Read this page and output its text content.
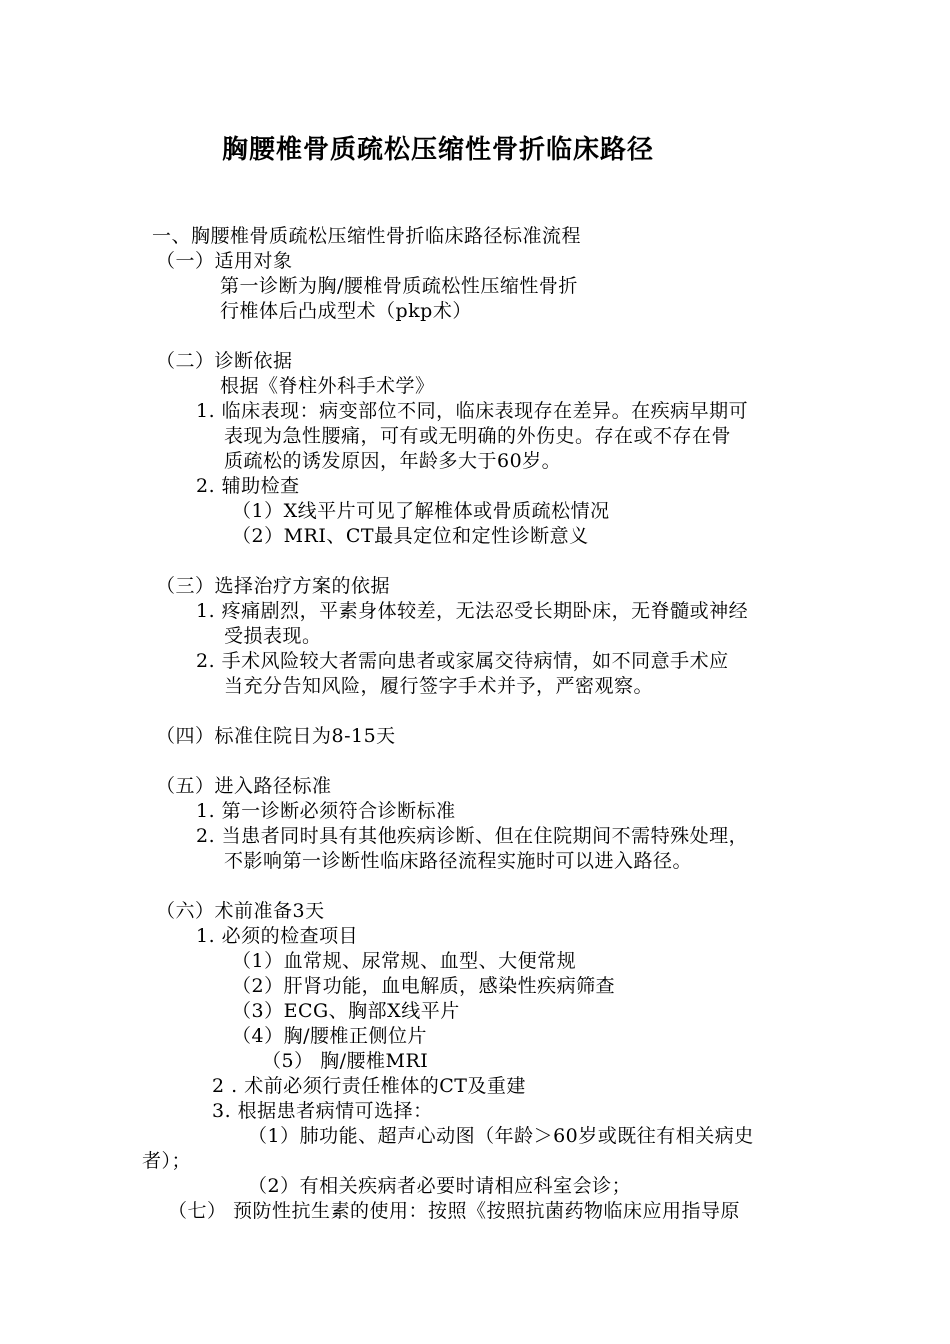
胸腰椎骨质疏松压缩性骨折临床路径
一、胸腰椎骨质疏松压缩性骨折临床路径标准流程
（一）适用对象
第一诊断为胸/腰椎骨质疏松性压缩性骨折
行椎体后凸成型术（pkp术）
（二）诊断依据
根据《脊柱外科手术学》
1. 临床表现：病变部位不同，临床表现存在差异。在疾病早期可
表现为急性腰痛，可有或无明确的外伤史。存在或不存在骨
质疏松的诱发原因，年龄多大于60岁。
2. 辅助检查
（1）X线平片可见了解椎体或骨质疏松情况
（2）MRI、CT最具定位和定性诊断意义
（三）选择治疗方案的依据
1. 疼痛剧烈，平素身体较差，无法忍受长期卧床，无脊髓或神经
受损表现。
2. 手术风险较大者需向患者或家属交待病情，如不同意手术应
当充分告知风险，履行签字手术并予，严密观察。
（四）标准住院日为8-15天
（五）进入路径标准
1. 第一诊断必须符合诊断标准
2. 当患者同时具有其他疾病诊断、但在住院期间不需特殊处理，
不影响第一诊断性临床路径流程实施时可以进入路径。
（六）术前准备3天
1. 必须的检查项目
（1）血常规、尿常规、血型、大便常规
（2）肝肾功能，血电解质，感染性疾病筛查
（3）ECG、胸部X线平片
（4）胸/腰椎正侧位片
（5） 胸/腰椎MRI
2 . 术前必须行责任椎体的CT及重建
3. 根据患者病情可选择：
（1）肺功能、超声心动图（年龄＞60岁或既往有相关病史
者）；
（2）有相关疾病者必要时请相应科室会诊；
（七） 预防性抗生素的使用：按照《按照抗菌药物临床应用指导原
